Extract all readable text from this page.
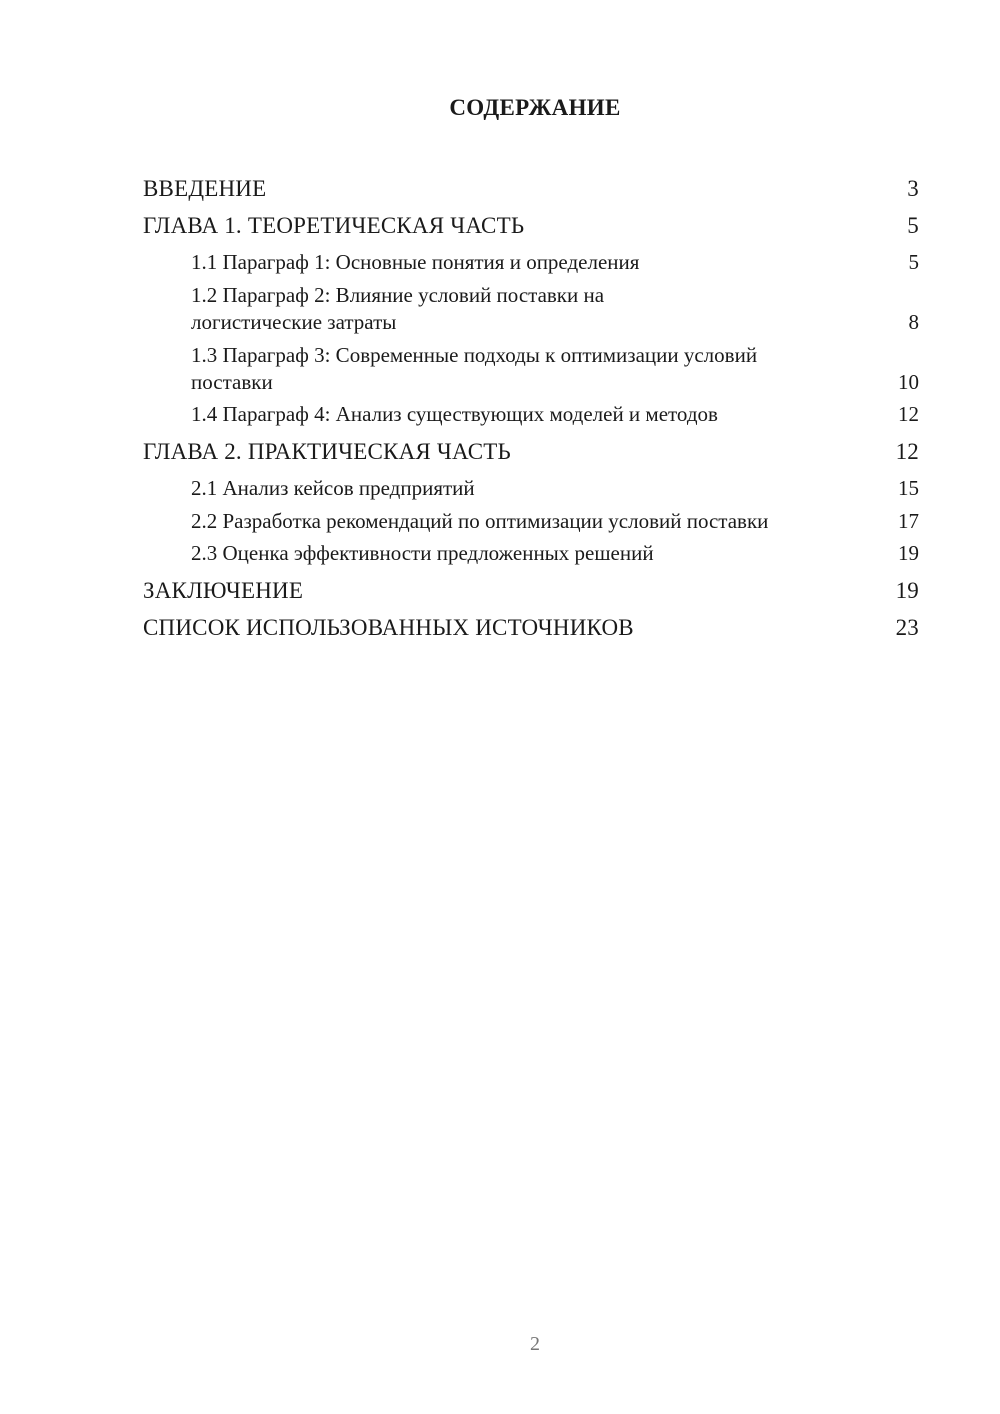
СОДЕРЖАНИЕ
ВВЕДЕНИЕ	3
ГЛАВА 1. ТЕОРЕТИЧЕСКАЯ ЧАСТЬ	5
1.1 Параграф 1: Основные понятия и определения	5
1.2 Параграф 2: Влияние условий поставки на логистические затраты	8
1.3 Параграф 3: Современные подходы к оптимизации условий поставки	10
1.4 Параграф 4: Анализ существующих моделей и методов	12
ГЛАВА 2. ПРАКТИЧЕСКАЯ ЧАСТЬ	12
2.1 Анализ кейсов предприятий	15
2.2 Разработка рекомендаций по оптимизации условий поставки	17
2.3 Оценка эффективности предложенных решений	19
ЗАКЛЮЧЕНИЕ	19
СПИСОК ИСПОЛЬЗОВАННЫХ ИСТОЧНИКОВ	23
2
